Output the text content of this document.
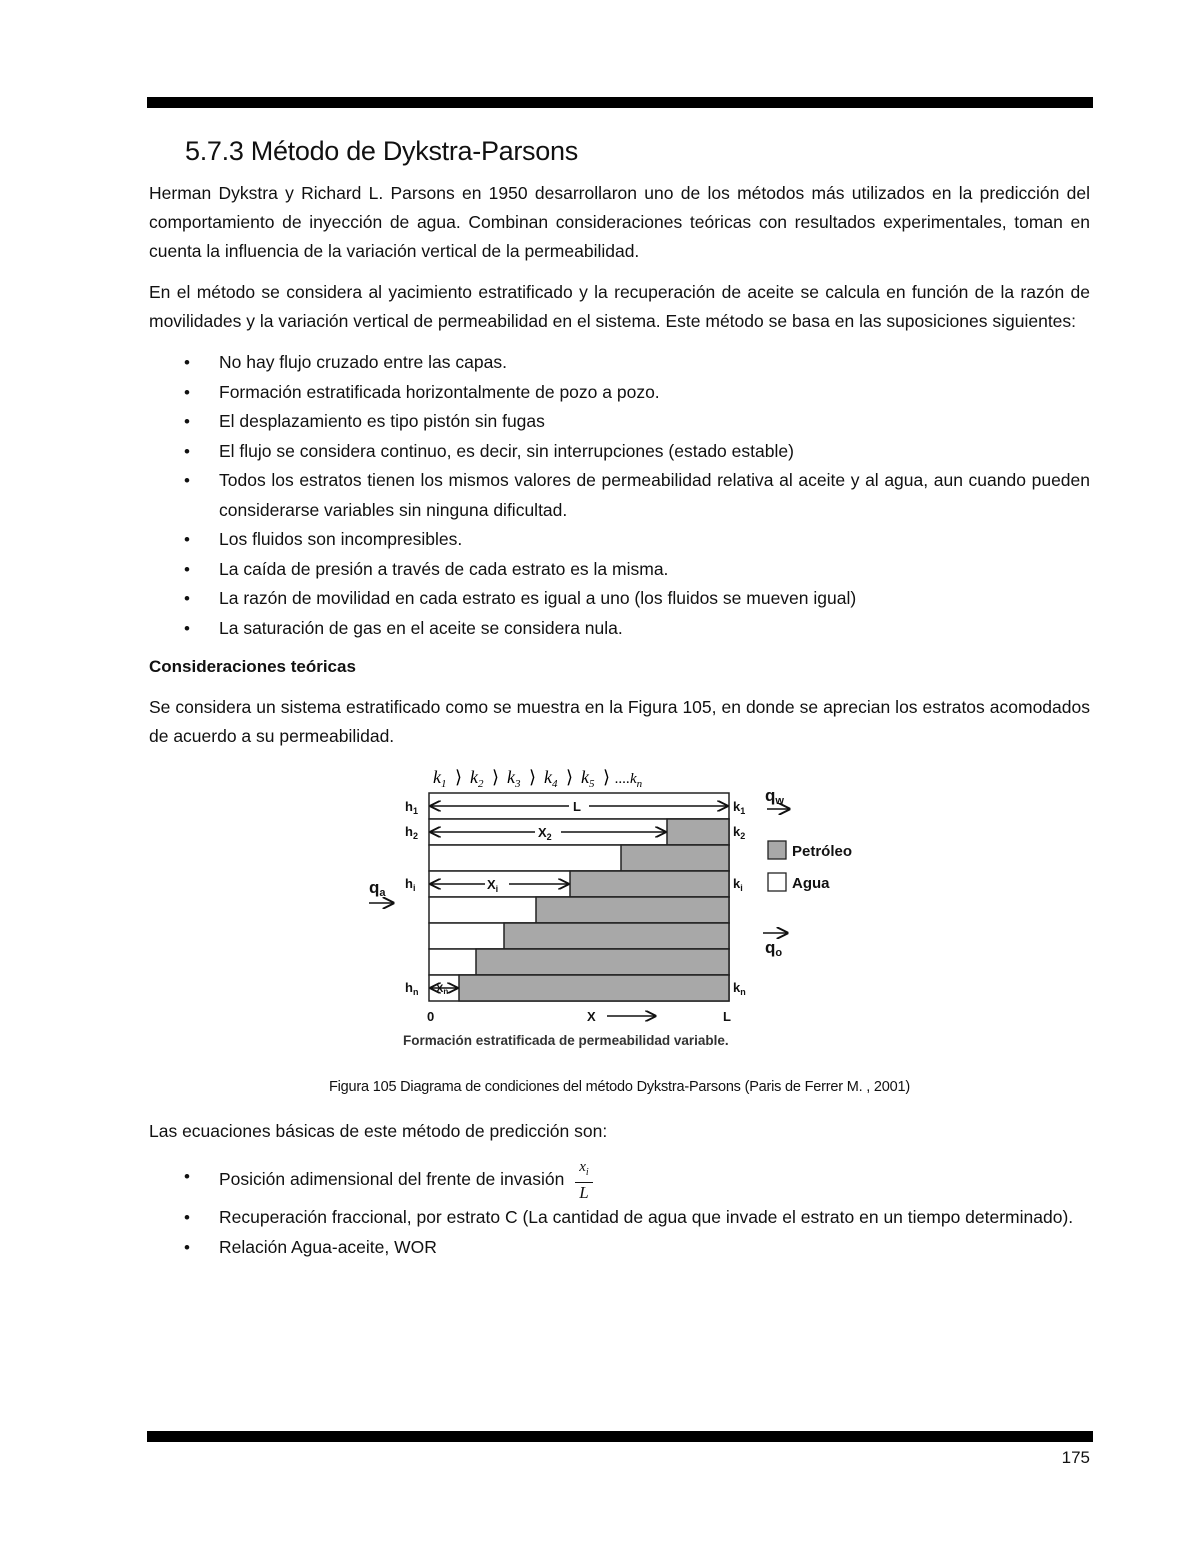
5.7.3 Método de Dykstra-Parsons

Herman Dykstra y Richard L. Parsons en 1950 desarrollaron uno de los métodos más utilizados en la predicción del comportamiento de inyección de agua. Combinan consideraciones teóricas con resultados experimentales, toman en cuenta la influencia de la variación vertical de la permeabilidad.

En el método se considera al yacimiento estratificado y la recuperación de aceite se calcula en función de la razón de movilidades y la variación vertical de permeabilidad en el sistema. Este método se basa en las suposiciones siguientes:

• No hay flujo cruzado entre las capas.
• Formación estratificada horizontalmente de pozo a pozo.
• El desplazamiento es tipo pistón sin fugas
• El flujo se considera continuo, es decir, sin interrupciones (estado estable)
• Todos los estratos tienen los mismos valores de permeabilidad relativa al aceite y al agua, aun cuando pueden considerarse variables sin ninguna dificultad.
• Los fluidos son incompresibles.
• La caída de presión a través de cada estrato es la misma.
• La razón de movilidad en cada estrato es igual a uno (los fluidos se mueven igual)
• La saturación de gas en el aceite se considera nula.
Consideraciones teóricas

Se considera un sistema estratificado como se muestra en la Figura 105, en donde se aprecian los estratos acomodados de acuerdo a su permeabilidad.

$k_1$ ⟩ $k_2$ ⟩ $k_3$ ⟩ $k_4$ ⟩ $k_5$ ⟩ $....k_n$
L
$X_2$
$X_i$
Xn
$h_1$
$h_2$
$h_i$
$h_n$
$k_1$
$k_2$
$k_i$
$k_n$
0	X	L
qw
qa
qo
Petróleo
Agua
Formación estratificada de permeabilidad variable.
Figura 105 Diagrama de condiciones del método Dykstra-Parsons (Paris de Ferrer M. , 2001)

Las ecuaciones básicas de este método de predicción son:

• Posición adimensional del frente de invasión $\frac{x_i}{L}$
• Recuperación fraccional, por estrato C (La cantidad de agua que invade el estrato en un tiempo determinado).
• Relación Agua-aceite, WOR
175
